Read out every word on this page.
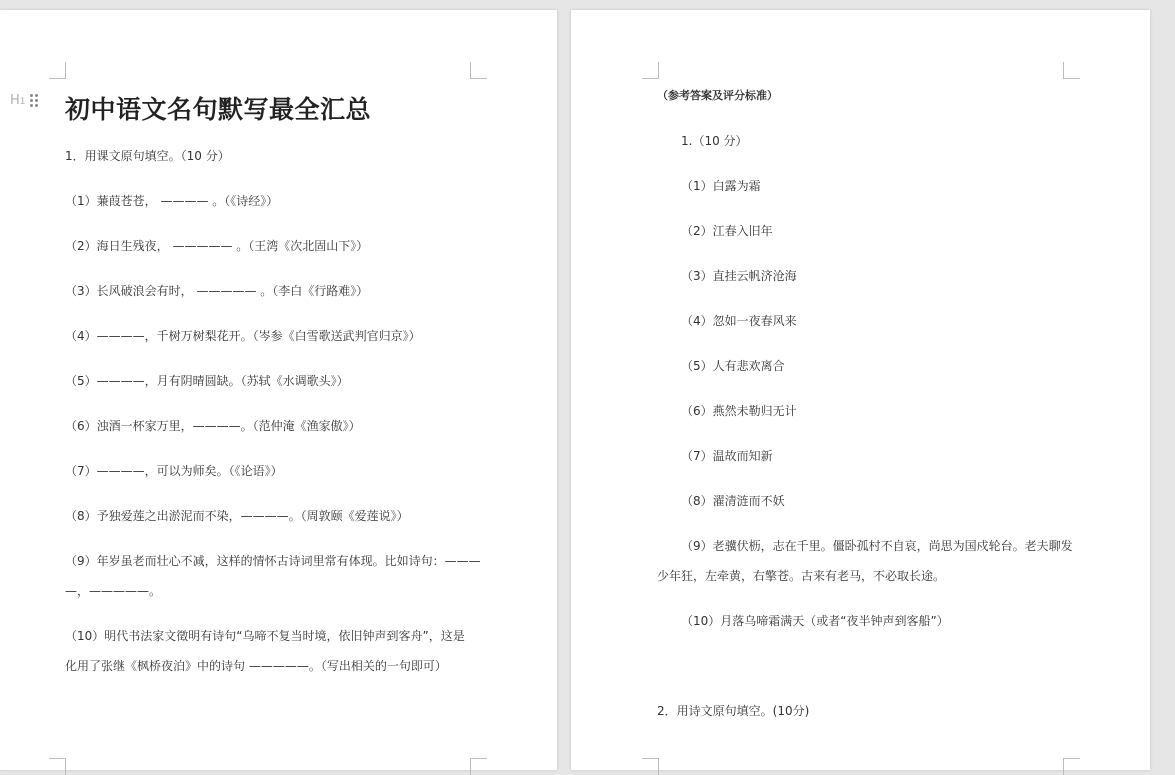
H1 初中语文名句默写最全汇总
1．用课文原句填空。（10 分）
（1）蒹葭苍苍， ———— 。（《诗经》）
（2）海日生残夜， ————— 。（王湾《次北固山下》）
（3）长风破浪会有时， ————— 。（李白《行路难》）
（4）————，千树万树梨花开。（岑参《白雪歌送武判官归京》）
（5）————，月有阴晴圆缺。（苏轼《水调歌头》）
（6）浊酒一杯家万里，————。（范仲淹《渔家傲》）
（7）————，可以为师矣。（《论语》）
（8）予独爱莲之出淤泥而不染，————。（周敦颐《爱莲说》）
（9）年岁虽老而壮心不减，这样的情怀古诗词里常有体现。比如诗句：———
—，—————。
（10）明代书法家文徵明有诗句“乌啼不复当时境，依旧钟声到客舟”，这是
化用了张继《枫桥夜泊》中的诗句 —————。（写出相关的一句即可）
（参考答案及评分标准）
1.（10 分）
（1）白露为霜
（2）江春入旧年
（3）直挂云帆济沧海
（4）忽如一夜春风来
（5）人有悲欢离合
（6）燕然未勒归无计
（7）温故而知新
（8）濯清涟而不妖
（9）老骥伏枥，志在千里。僵卧孤村不自哀，尚思为国戍轮台。老夫聊发
少年狂，左牵黄，右擎苍。古来有老马，不必取长途。
（10）月落乌啼霜满天（或者“夜半钟声到客船”）
2．用诗文原句填空。(10分)
